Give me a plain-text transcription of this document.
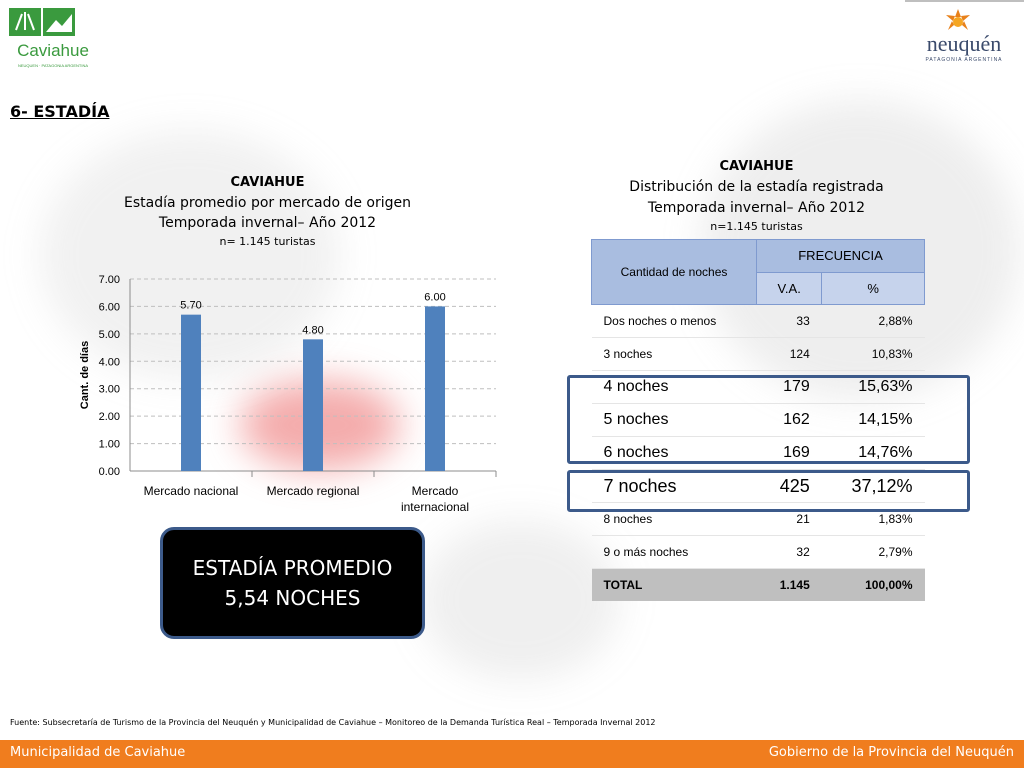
Caviahue
NEUQUEN · PATAGONIA ARGENTINA
neuquén
PATAGONIA ARGENTINA
6- ESTADÍA
CAVIAHUE
Estadía promedio por mercado de origen
Temporada invernal– Año 2012
n= 1.145 turistas
0.00
1.00
2.00
3.00
4.00
5.00
6.00
7.00
5.70
Mercado nacional
4.80
Mercado regional
6.00
Mercado
internacional
Cant. de días
ESTADÍA PROMEDIO
5,54 NOCHES
CAVIAHUE
Distribución de la estadía registrada
Temporada invernal– Año 2012
n=1.145 turistas
Cantidad de noches	FRECUENCIA	
	V.A.	%
Dos noches o menos	33	2,88%
3 noches	124	10,83%
4 noches	179	15,63%
5 noches	162	14,15%
6 noches	169	14,76%
7 noches	425	37,12%
8 noches	21	1,83%
9 o más noches	32	2,79%
TOTAL	1.145	100,00%
Fuente: Subsecretaría de Turismo de la Provincia del Neuquén y Municipalidad de Caviahue – Monitoreo de la Demanda Turística Real – Temporada Invernal 2012
Municipalidad de Caviahue	Gobierno de la Provincia del Neuquén
